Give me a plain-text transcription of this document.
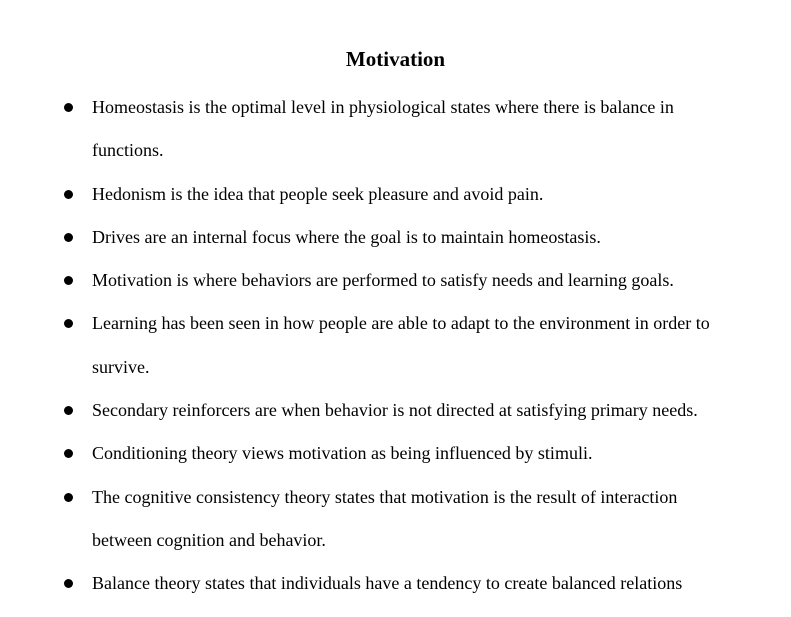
Motivation
Homeostasis is the optimal level in physiological states where there is balance in
functions.
Hedonism is the idea that people seek pleasure and avoid pain.
Drives are an internal focus where the goal is to maintain homeostasis.
Motivation is where behaviors are performed to satisfy needs and learning goals.
Learning has been seen in how people are able to adapt to the environment in order to
survive.
Secondary reinforcers are when behavior is not directed at satisfying primary needs.
Conditioning theory views motivation as being influenced by stimuli.
The cognitive consistency theory states that motivation is the result of interaction
between cognition and behavior.
Balance theory states that individuals have a tendency to create balanced relations
